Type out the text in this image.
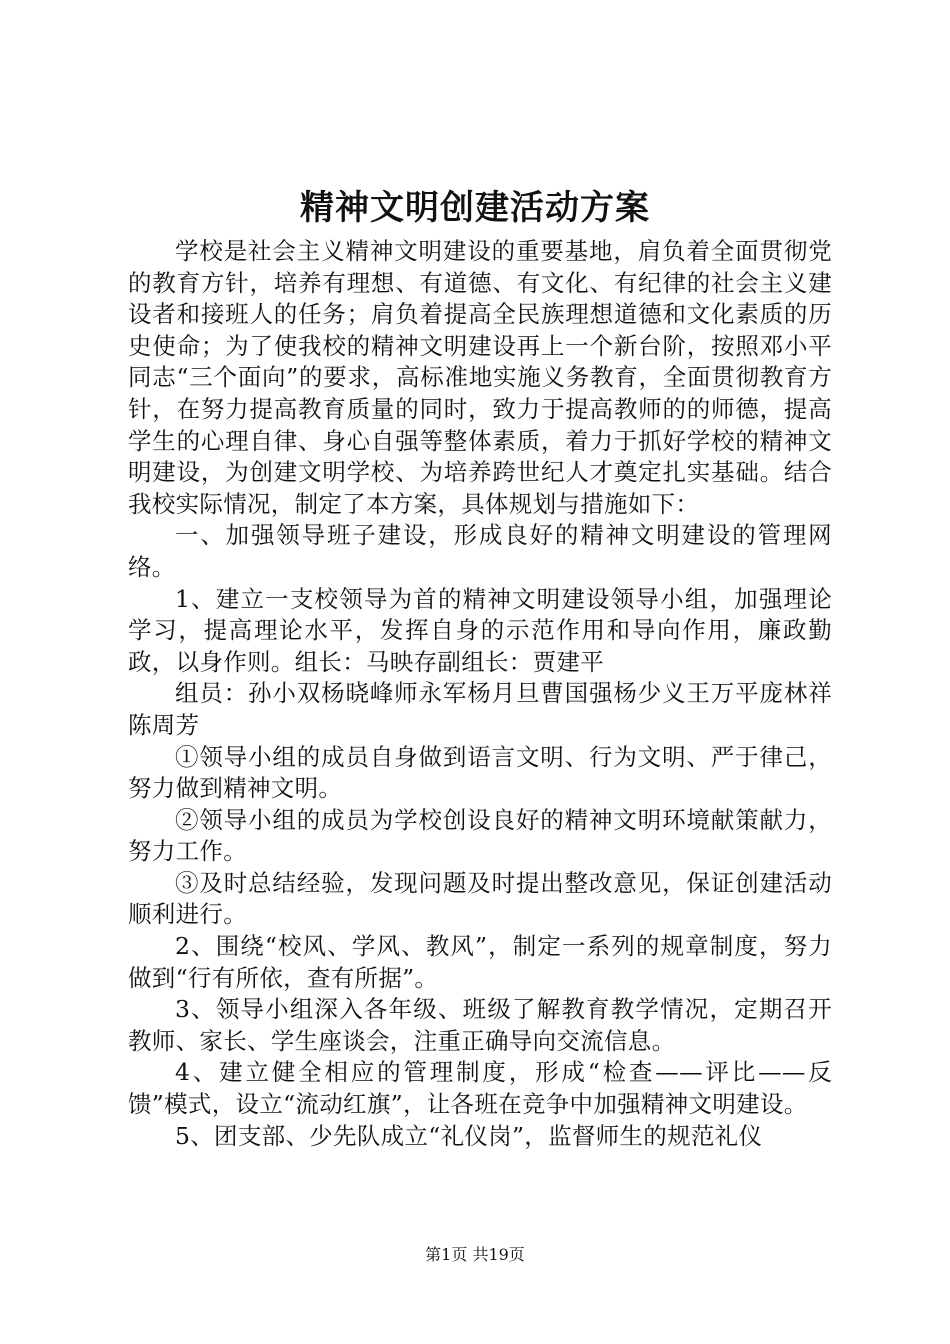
精神文明创建活动方案

学校是社会主义精神文明建设的重要基地，肩负着全面贯彻党的教育方针，培养有理想、有道德、有文化、有纪律的社会主义建设者和接班人的任务；肩负着提高全民族理想道德和文化素质的历史使命；为了使我校的精神文明建设再上一个新台阶，按照邓小平同志“三个面向”的要求，高标准地实施义务教育，全面贯彻教育方针，在努力提高教育质量的同时，致力于提高教师的的师德，提高学生的心理自律、身心自强等整体素质，着力于抓好学校的精神文明建设，为创建文明学校、为培养跨世纪人才奠定扎实基础。结合我校实际情况，制定了本方案，具体规划与措施如下：

一、加强领导班子建设，形成良好的精神文明建设的管理网络。

1、建立一支校领导为首的精神文明建设领导小组，加强理论学习，提高理论水平，发挥自身的示范作用和导向作用，廉政勤政，以身作则。组长：马映存副组长：贾建平

组员：孙小双杨晓峰师永军杨月旦曹国强杨少义王万平庞林祥陈周芳

①领导小组的成员自身做到语言文明、行为文明、严于律己，努力做到精神文明。

②领导小组的成员为学校创设良好的精神文明环境献策献力，努力工作。

③及时总结经验，发现问题及时提出整改意见，保证创建活动顺利进行。

2、围绕“校风、学风、教风”，制定一系列的规章制度，努力做到“行有所依，查有所据”。

3、领导小组深入各年级、班级了解教育教学情况，定期召开教师、家长、学生座谈会，注重正确导向交流信息。

4、建立健全相应的管理制度，形成“检查——评比——反馈”模式，设立“流动红旗”，让各班在竞争中加强精神文明建设。

5、团支部、少先队成立“礼仪岗”，监督师生的规范礼仪

第1页 共19页
